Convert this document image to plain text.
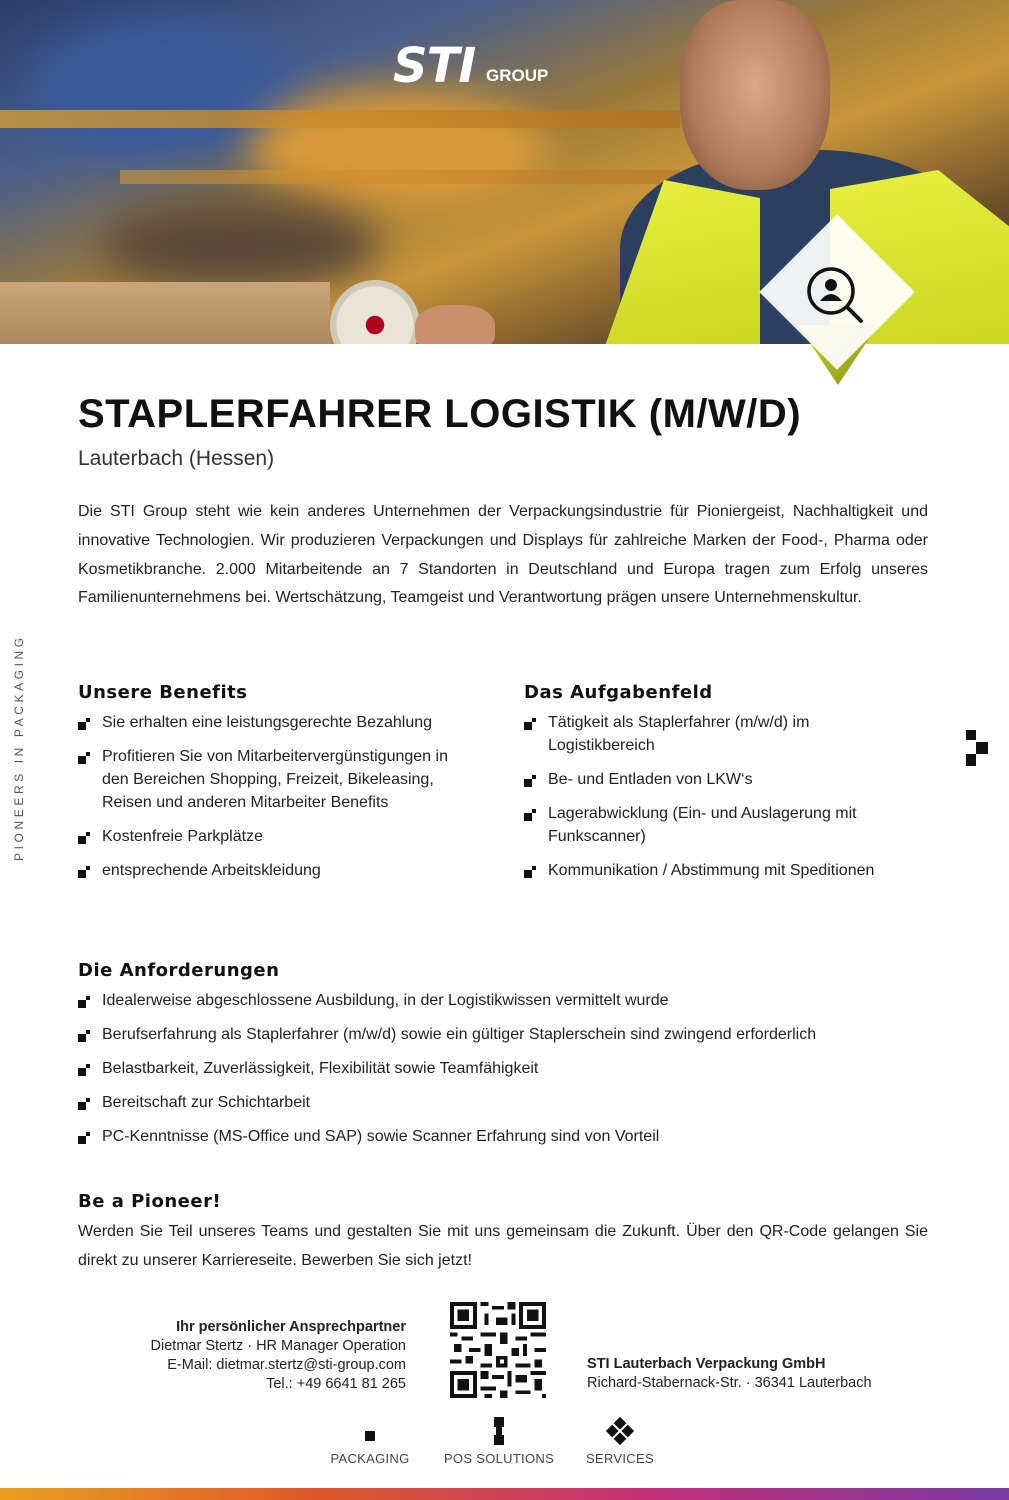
STI GROUP
STAPLERFAHRER LOGISTIK (M/W/D)
Lauterbach (Hessen)
Die STI Group steht wie kein anderes Unternehmen der Verpackungsindustrie für Pioniergeist, Nachhaltigkeit und innovative Technologien. Wir produzieren Verpackungen und Displays für zahlreiche Marken der Food-, Pharma oder Kosmetikbranche. 2.000 Mitarbeitende an 7 Standorten in Deutschland und Europa tragen zum Erfolg unseres Familienunternehmens bei. Wertschätzung, Teamgeist und Verantwortung prägen unsere Unternehmenskultur.
PIONEERS IN PACKAGING	Unsere Benefits
Sie erhalten eine leistungsgerechte Bezahlung
Profitieren Sie von Mitarbeitervergünstigungen in den Bereichen Shopping, Freizeit, Bikeleasing, Reisen und anderen Mitarbeiter Benefits
Kostenfreie Parkplätze
entsprechende Arbeitskleidung
Das Aufgabenfeld
Tätigkeit als Staplerfahrer (m/w/d) im Logistikbereich
Be- und Entladen von LKW‘s
Lagerabwicklung (Ein- und Auslagerung mit Funkscanner)
Kommunikation / Abstimmung mit Speditionen
Die Anforderungen
Idealerweise abgeschlossene Ausbildung, in der Logistikwissen vermittelt wurde
Berufserfahrung als Staplerfahrer (m/w/d) sowie ein gültiger Staplerschein sind zwingend erforderlich
Belastbarkeit, Zuverlässigkeit, Flexibilität sowie Teamfähigkeit
Bereitschaft zur Schichtarbeit
PC-Kenntnisse (MS-Office und SAP) sowie Scanner Erfahrung sind von Vorteil
Be a Pioneer!
Werden Sie Teil unseres Teams und gestalten Sie mit uns gemeinsam die Zukunft. Über den QR-Code gelangen Sie direkt zu unserer Karriereseite. Bewerben Sie sich jetzt!
Ihr persönlicher Ansprechpartner
Dietmar Stertz · HR Manager Operation
E-Mail: dietmar.stertz@sti-group.com
Tel.: +49 6641 81 265
STI Lauterbach Verpackung GmbH
Richard-Stabernack-Str. · 36341 Lauterbach
PACKAGING	POS SOLUTIONS	SERVICES
